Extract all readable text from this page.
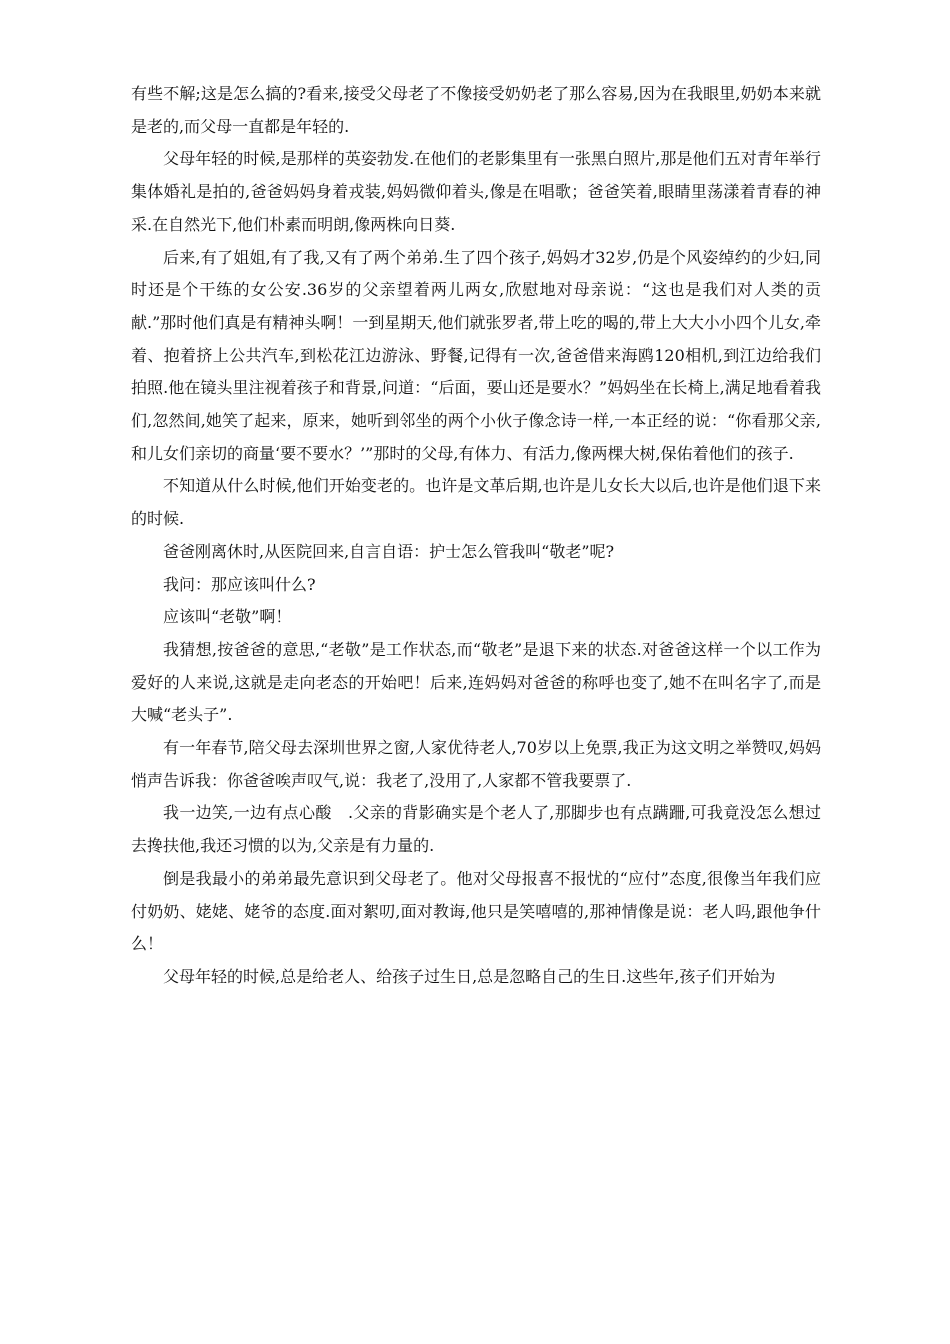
有些不解;这是怎么搞的?看来,接受父母老了不像接受奶奶老了那么容易,因为在我眼里,奶奶本来就是老的,而父母一直都是年轻的.

父母年轻的时候,是那样的英姿勃发.在他们的老影集里有一张黑白照片,那是他们五对青年举行集体婚礼是拍的,爸爸妈妈身着戎装,妈妈微仰着头,像是在唱歌；爸爸笑着,眼睛里荡漾着青春的神采.在自然光下,他们朴素而明朗,像两株向日葵.

后来,有了姐姐,有了我,又有了两个弟弟.生了四个孩子,妈妈才32岁,仍是个风姿绰约的少妇,同时还是个干练的女公安.36岁的父亲望着两儿两女,欣慰地对母亲说：“这也是我们对人类的贡献.”那时他们真是有精神头啊！一到星期天,他们就张罗者,带上吃的喝的,带上大大小小四个儿女,牵着、抱着挤上公共汽车,到松花江边游泳、野餐,记得有一次,爸爸借来海鸥120相机,到江边给我们拍照.他在镜头里注视着孩子和背景,问道：“后面，要山还是要水？”妈妈坐在长椅上,满足地看着我们,忽然间,她笑了起来，原来，她听到邻坐的两个小伙子像念诗一样,一本正经的说：“你看那父亲,和儿女们亲切的商量‘要不要水？’”那时的父母,有体力、有活力,像两棵大树,保佑着他们的孩子.

不知道从什么时候,他们开始变老的。也许是文革后期,也许是儿女长大以后,也许是他们退下来的时候.

爸爸刚离休时,从医院回来,自言自语：护士怎么管我叫“敬老”呢?

我问：那应该叫什么?

应该叫“老敬”啊！

我猜想,按爸爸的意思,“老敬”是工作状态,而“敬老”是退下来的状态.对爸爸这样一个以工作为爱好的人来说,这就是走向老态的开始吧！后来,连妈妈对爸爸的称呼也变了,她不在叫名字了,而是大喊“老头子”.

有一年春节,陪父母去深圳世界之窗,人家优待老人,70岁以上免票,我正为这文明之举赞叹,妈妈悄声告诉我：你爸爸唉声叹气,说：我老了,没用了,人家都不管我要票了.

我一边笑,一边有点心酸　.父亲的背影确实是个老人了,那脚步也有点蹒跚,可我竟没怎么想过去搀扶他,我还习惯的以为,父亲是有力量的.

倒是我最小的弟弟最先意识到父母老了。他对父母报喜不报忧的“应付”态度,很像当年我们应付奶奶、姥姥、姥爷的态度.面对絮叨,面对教诲,他只是笑嘻嘻的,那神情像是说：老人吗,跟他争什么！

父母年轻的时候,总是给老人、给孩子过生日,总是忽略自己的生日.这些年,孩子们开始为
